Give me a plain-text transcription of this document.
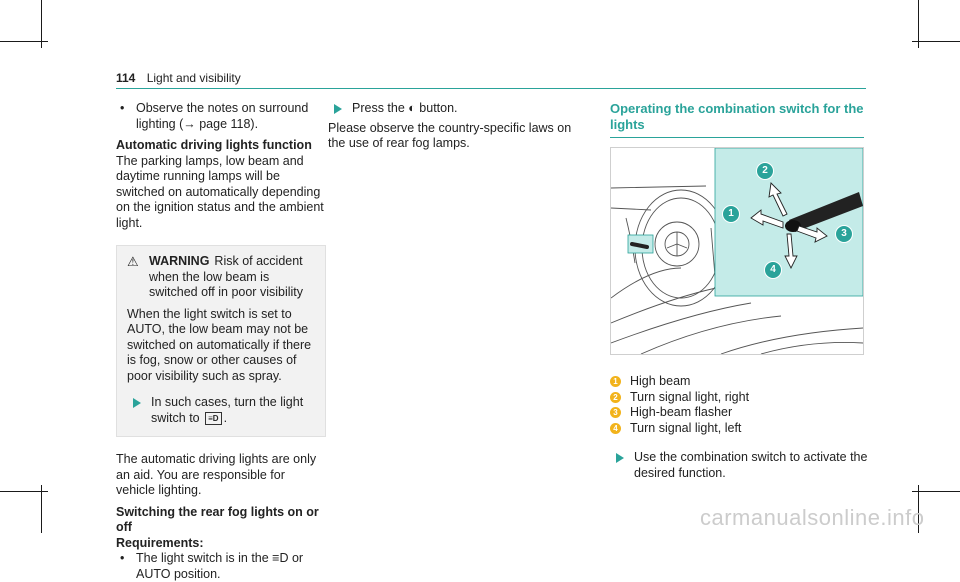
114 Light and visibility

• Observe the notes on surround lighting (→ page 118).

Automatic driving lights function

The parking lamps, low beam and daytime running lamps will be switched on automatically depending on the ignition status and the ambient light.

⚠ WARNING Risk of accident when the low beam is switched off in poor visibility

When the light switch is set to AUTO, the low beam may not be switched on automatically if there is fog, snow or other causes of poor visibility such as spray.

In such cases, turn the light switch to ≡D .

The automatic driving lights are only an aid. You are responsible for vehicle lighting.

Switching the rear fog lights on or off

Requirements:

• The light switch is in the ≡D or AUTO position.

Press the ◐ button.

Please observe the country-specific laws on the use of rear fog lamps.

Operating the combination switch for the lights

1
2
3
4
1 High beam
2 Turn signal light, right
3 High-beam flasher
4 Turn signal light, left
Use the combination switch to activate the desired function.
carmanualsonline.info
